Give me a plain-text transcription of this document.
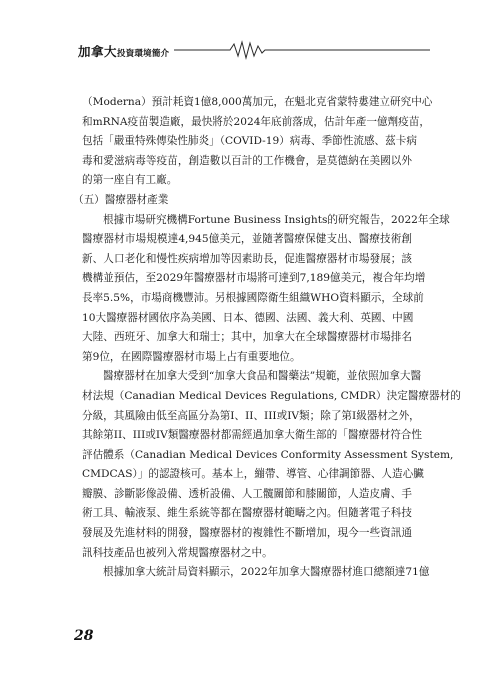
加拿大投資環境簡介
（Moderna）預計耗資1億8,000萬加元，在魁北克省蒙特婁建立研究中心
和mRNA疫苗製造廠，最快將於2024年底前落成，估計年產一億劑疫苗，
包括「嚴重特殊傳染性肺炎」（COVID-19）病毒、季節性流感、茲卡病
毒和愛滋病毒等疫苗，創造數以百計的工作機會，是莫德納在美國以外
的第一座自有工廠。
（五）醫療器材產業
根據市場研究機構Fortune Business Insights的研究報告，2022年全球
醫療器材市場規模達4,945億美元，並隨著醫療保健支出、醫療技術創
新、人口老化和慢性疾病增加等因素助長，促進醫療器材市場發展；該
機構並預估，至2029年醫療器材市場將可達到7,189億美元，複合年均增
長率5.5%，市場商機豐沛。另根據國際衛生組織WHO資料顯示，全球前
10大醫療器材國依序為美國、日本、德國、法國、義大利、英國、中國
大陸、西班牙、加拿大和瑞士；其中，加拿大在全球醫療器材市場排名
第9位，在國際醫療器材市場上占有重要地位。
醫療器材在加拿大受到“加拿大食品和醫藥法”規範，並依照加拿大醫
材法規（Canadian Medical Devices Regulations, CMDR）決定醫療器材的
分級，其風險由低至高區分為第I、II、III或IV類；除了第I級器材之外，
其餘第II、III或IV類醫療器材都需經過加拿大衛生部的「醫療器材符合性
評估體系（Canadian Medical Devices Conformity Assessment System,
CMDCAS）」的認證核可。基本上，繃帶、導管、心律調節器、人造心臟
瓣膜、診斷影像設備、透析設備、人工髖關節和膝關節，人造皮膚、手
術工具、輸液泵、維生系統等都在醫療器材範疇之內。但隨著電子科技
發展及先進材料的開發，醫療器材的複雜性不斷增加，現今一些資訊通
訊科技產品也被列入常規醫療器材之中。
根據加拿大統計局資料顯示，2022年加拿大醫療器材進口總額達71億
28
